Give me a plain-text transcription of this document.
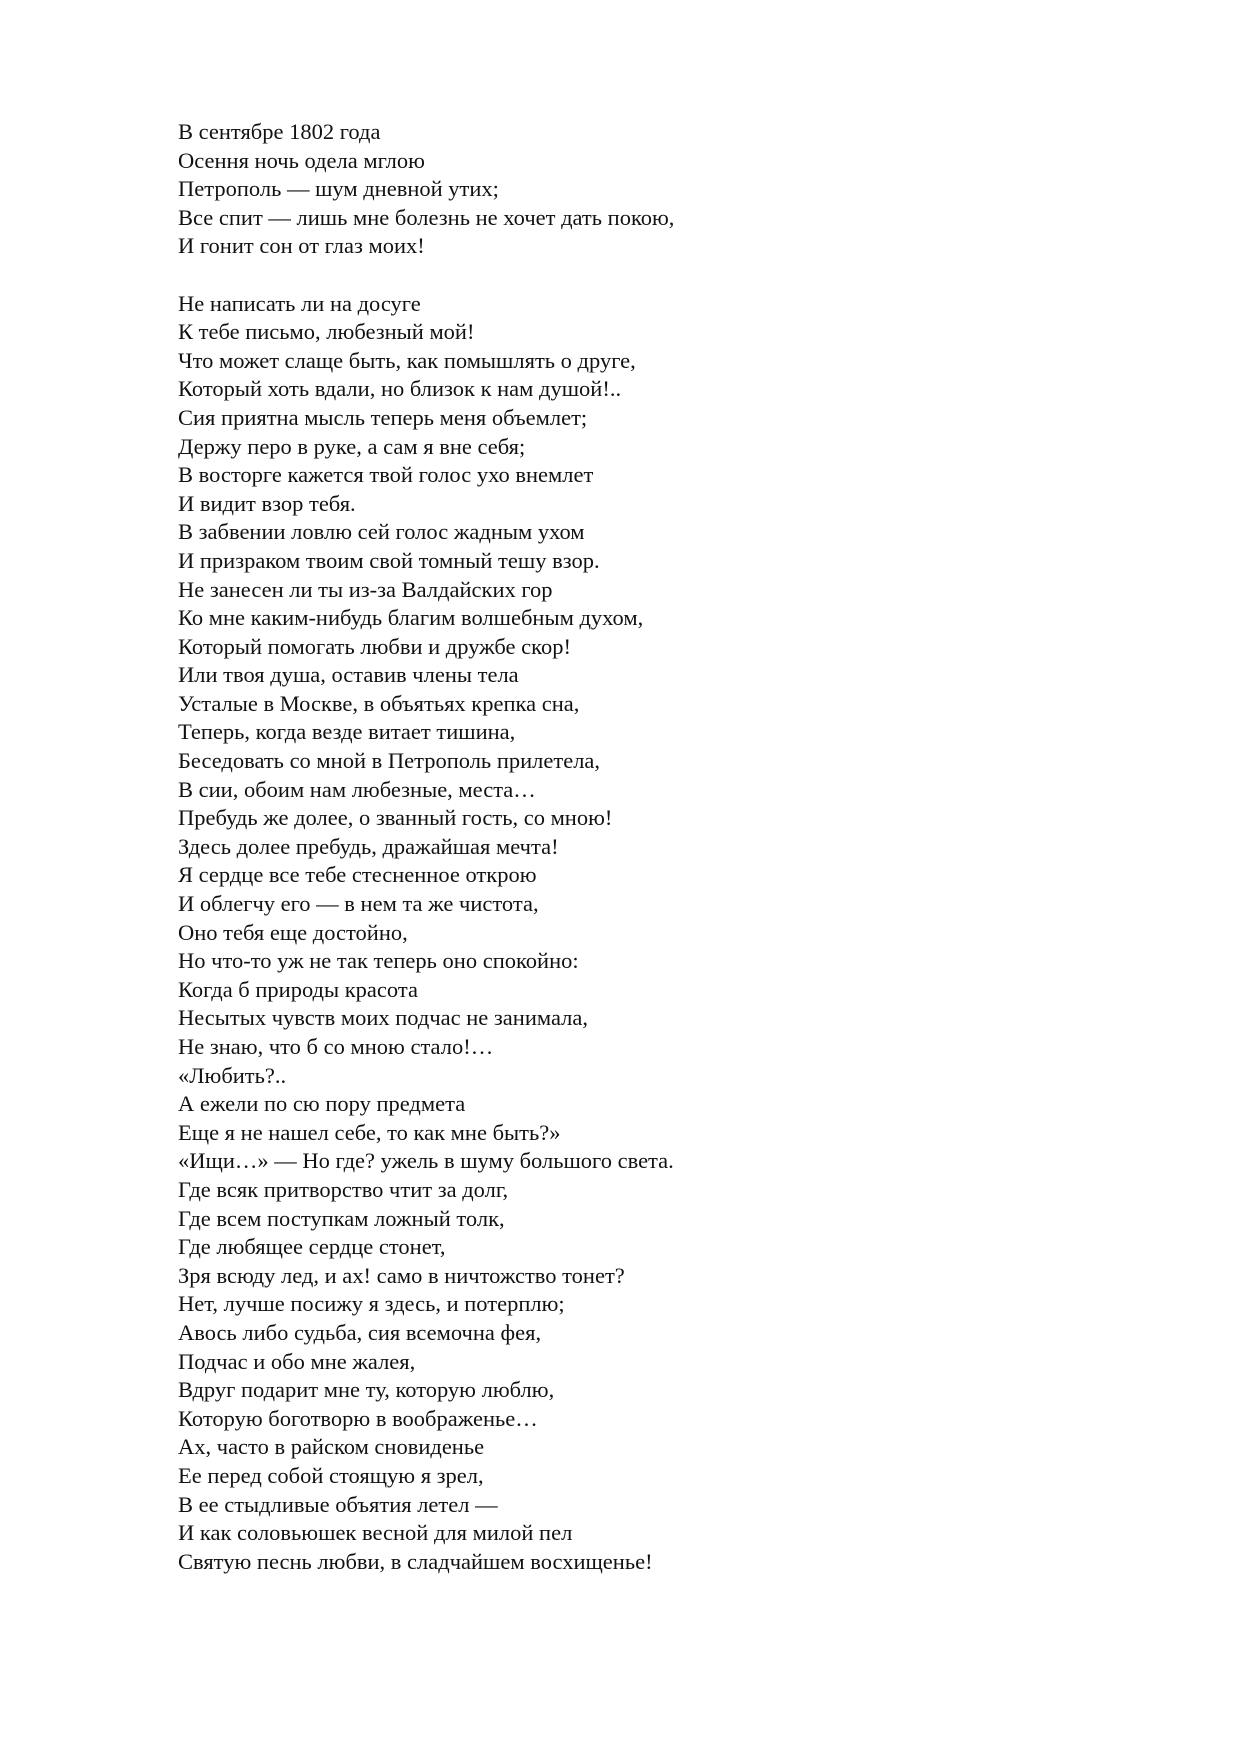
В сентябре 1802 года
Осення ночь одела мглою
Петрополь — шум дневной утих;
Все спит — лишь мне болезнь не хочет дать покою,
И гонит сон от глаз моих!
Не написать ли на досуге
К тебе письмо, любезный мой!
Что может слаще быть, как помышлять о друге,
Который хоть вдали, но близок к нам душой!..
Сия приятна мысль теперь меня объемлет;
Держу перо в руке, а сам я вне себя;
В восторге кажется твой голос ухо внемлет
И видит взор тебя.
В забвении ловлю сей голос жадным ухом
И призраком твоим свой томный тешу взор.
Не занесен ли ты из-за Валдайских гор
Ко мне каким-нибудь благим волшебным духом,
Который помогать любви и дружбе скор!
Или твоя душа, оставив члены тела
Усталые в Москве, в объятьях крепка сна,
Теперь, когда везде витает тишина,
Беседовать со мной в Петрополь прилетела,
В сии, обоим нам любезные, места…
Пребудь же долее, о званный гость, со мною!
Здесь долее пребудь, дражайшая мечта!
Я сердце все тебе стесненное открою
И облегчу его — в нем та же чистота,
Оно тебя еще достойно,
Но что-то уж не так теперь оно спокойно:
Когда б природы красота
Несытых чувств моих подчас не занимала,
Не знаю, что б со мною стало!…
«Любить?..
А ежели по сю пору предмета
Еще я не нашел себе, то как мне быть?»
«Ищи…» — Но где? ужель в шуму большого света.
Где всяк притворство чтит за долг,
Где всем поступкам ложный толк,
Где любящее сердце стонет,
Зря всюду лед, и ах! само в ничтожство тонет?
Нет, лучше посижу я здесь, и потерплю;
Авось либо судьба, сия всемочна фея,
Подчас и обо мне жалея,
Вдруг подарит мне ту, которую люблю,
Которую боготворю в воображенье…
Ах, часто в райском сновиденье
Ее перед собой стоящую я зрел,
В ее стыдливые объятия летел —
И как соловьюшек весной для милой пел
Святую песнь любви, в сладчайшем восхищенье!
